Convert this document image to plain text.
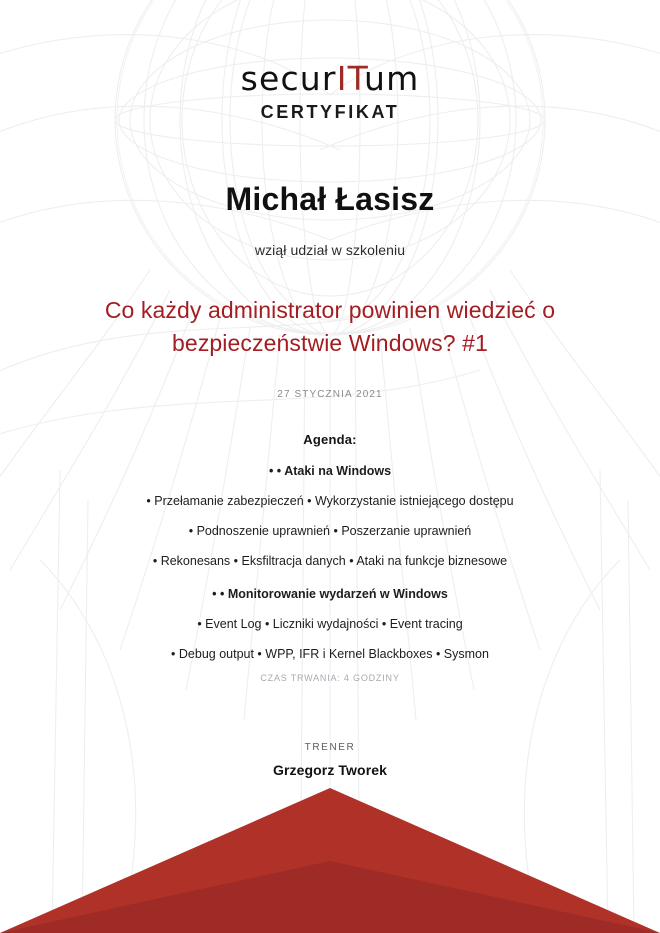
securITum
CERTYFIKAT
Michał Łasisz
wziął udział w szkoleniu
Co każdy administrator powinien wiedzieć o bezpieczeństwie Windows? #1
27 STYCZNIA 2021
Agenda:
• • Ataki na Windows
• Przełamanie zabezpieczeń • Wykorzystanie istniejącego dostępu
• Podnoszenie uprawnień • Poszerzanie uprawnień
• Rekonesans • Eksfiltracja danych • Ataki na funkcje biznesowe
• • Monitorowanie wydarzeń w Windows
• Event Log • Liczniki wydajności • Event tracing
• Debug output • WPP, IFR i Kernel Blackboxes • Sysmon
CZAS TRWANIA: 4 GODZINY
TRENER
Grzegorz Tworek
